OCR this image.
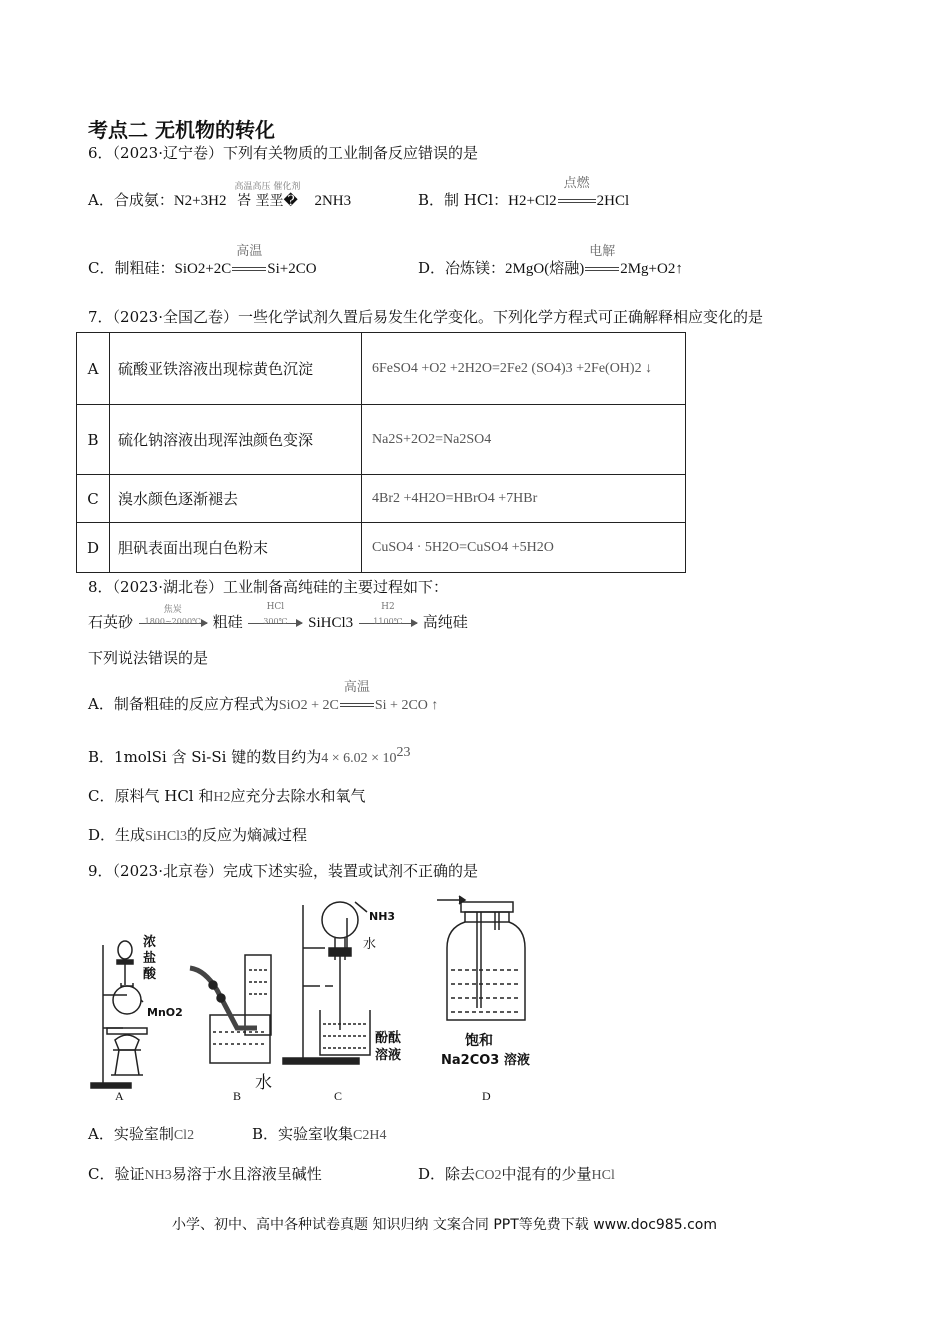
考点二 无机物的转化
6．（2023·辽宁卷）下列有关物质的工业制备反应错误的是
A．合成氨：N2+3H2
高温高压 催化剂
峇 垩垩� 2NH3	B．制 HCl：H2+Cl2
点燃
2HCl
C．制粗硅：SiO2+2C
高温
Si+2CO	D．冶炼镁：2MgO(熔融)
电解
2Mg+O2↑
7．（2023·全国乙卷）一些化学试剂久置后易发生化学变化。下列化学方程式可正确解释相应变化的是
A	硫酸亚铁溶液出现棕黄色沉淀	6FeSO4 +O2 +2H2O=2Fe2 (SO4)3 +2Fe(OH)2 ↓
B	硫化钠溶液出现浑浊颜色变深	Na2S+2O2=Na2SO4
C	溴水颜色逐渐褪去	4Br2 +4H2O=HBrO4 +7HBr
D	胆矾表面出现白色粉末	CuSO4 · 5H2O=CuSO4 +5H2O
8．（2023·湖北卷）工业制备高纯硅的主要过程如下：
石英砂
焦炭
1800~2000℃ 粗硅
HCl
300℃	SiHCl3 $\frac{H2}{1100℃}$ 高纯硅
下列说法错误的是
A．制备粗硅的反应方程式为SiO2 + 2C
高温
Si + 2CO ↑
B．1molSi 含 Si-Si 键的数目约为$4 \times 6.02 \times 10^{23}$
C．原料气 HCl 和H2应充分去除水和氧气
D．生成SiHCl3的反应为熵减过程
9．（2023·北京卷）完成下述实验，装置或试剂不正确的是
浓
盐
酸
MnO2
水
NH3
水
酚酞
溶液
饱和
Na2CO3 溶液
A	B	C	D
A．实验室制Cl2	B．实验室收集C2H4
C．验证NH3易溶于水且溶液呈碱性	D．除去CO2中混有的少量HCl
小学、初中、高中各种试卷真题 知识归纳 文案合同 PPT等免费下载 www.doc985.com
